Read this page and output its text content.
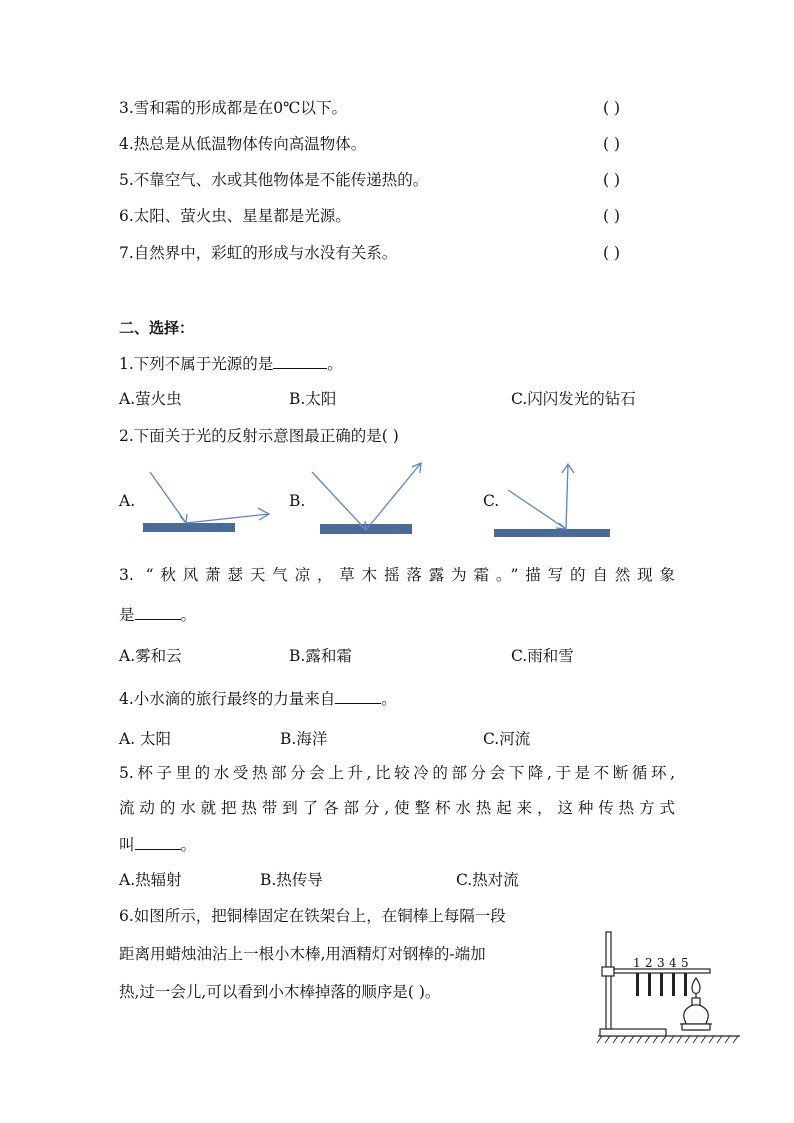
3.雪和霜的形成都是在0℃以下。	( )
4.热总是从低温物体传向高温物体。	( )
5.不靠空气、水或其他物体是不能传递热的。	( )
6.太阳、萤火虫、星星都是光源。	( )
7.自然界中，彩虹的形成与水没有关系。	( )
二、选择：
1.下列不属于光源的是	。
A.萤火虫	B.太阳	C.闪闪发光的钻石
2.下面关于光的反射示意图最正确的是( )
A.	B.	C.
3. “秋风萧瑟天气凉，草木摇落露为霜。”描写的自然现象
是	。
A.雾和云	B.露和霜	C.雨和雪
4.小水滴的旅行最终的力量来自	。
A. 太阳	B.海洋	C.河流
5.杯子里的水受热部分会上升,比较冷的部分会下降,于是不断循环,
流动的水就把热带到了各部分,使整杯水热起来，这种传热方式
叫	。
A.热辐射	B.热传导	C.热对流
6.如图所示，把铜棒固定在铁架台上，在铜棒上每隔一段
距离用蜡烛油沾上一根小木棒,用酒精灯对钢棒的-端加
热,过一会儿,可以看到小木棒掉落的顺序是( )。
1 2 3 4 5
